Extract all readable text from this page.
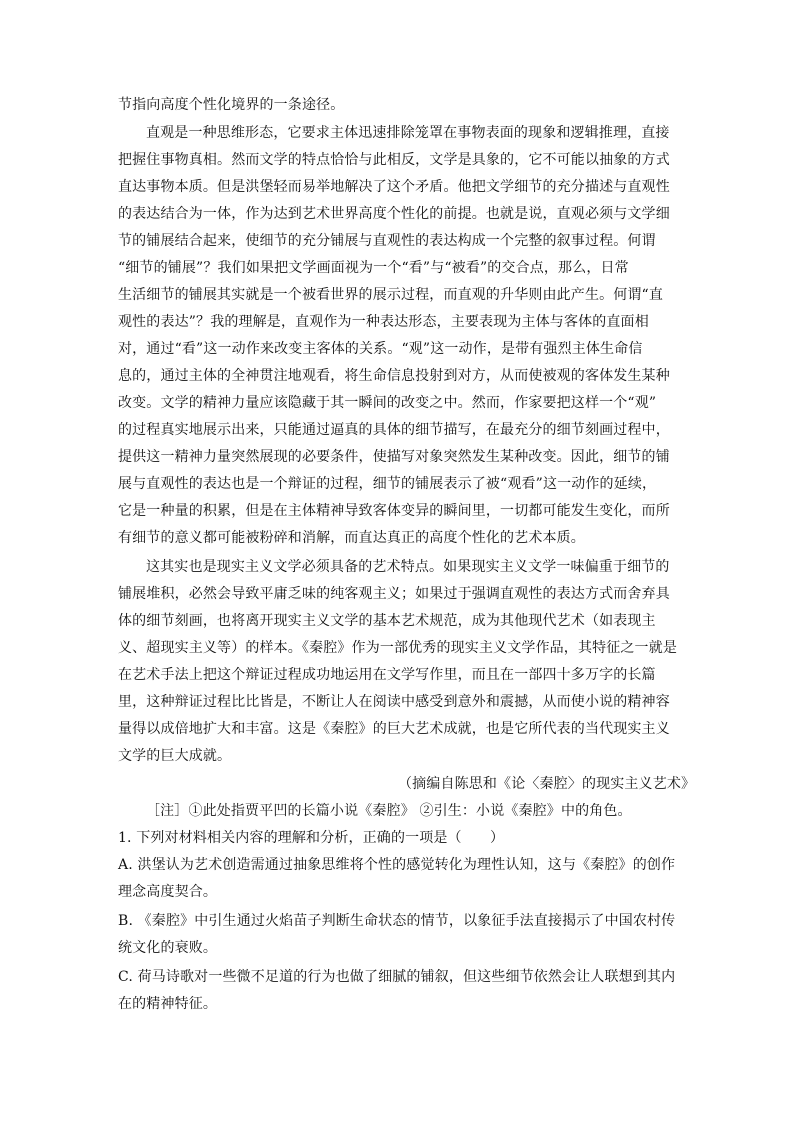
节指向高度个性化境界的一条途径。
直观是一种思维形态，它要求主体迅速排除笼罩在事物表面的现象和逻辑推理，直接
把握住事物真相。然而文学的特点恰恰与此相反，文学是具象的，它不可能以抽象的方式
直达事物本质。但是洪堡轻而易举地解决了这个矛盾。他把文学细节的充分描述与直观性
的表达结合为一体，作为达到艺术世界高度个性化的前提。也就是说，直观必须与文学细
节的铺展结合起来，使细节的充分铺展与直观性的表达构成一个完整的叙事过程。何谓
“细节的铺展”？我们如果把文学画面视为一个“看”与“被看”的交合点，那么，日常
生活细节的铺展其实就是一个被看世界的展示过程，而直观的升华则由此产生。何谓“直
观性的表达”？我的理解是，直观作为一种表达形态，主要表现为主体与客体的直面相
对，通过“看”这一动作来改变主客体的关系。“观”这一动作，是带有强烈主体生命信
息的，通过主体的全神贯注地观看，将生命信息投射到对方，从而使被观的客体发生某种
改变。文学的精神力量应该隐藏于其一瞬间的改变之中。然而，作家要把这样一个“观”
的过程真实地展示出来，只能通过逼真的具体的细节描写，在最充分的细节刻画过程中，
提供这一精神力量突然展现的必要条件，使描写对象突然发生某种改变。因此，细节的铺
展与直观性的表达也是一个辩证的过程，细节的铺展表示了被“观看”这一动作的延续，
它是一种量的积累，但是在主体精神导致客体变异的瞬间里，一切都可能发生变化，而所
有细节的意义都可能被粉碎和消解，而直达真正的高度个性化的艺术本质。
这其实也是现实主义文学必须具备的艺术特点。如果现实主义文学一味偏重于细节的
铺展堆积，必然会导致平庸乏味的纯客观主义；如果过于强调直观性的表达方式而舍弃具
体的细节刻画，也将离开现实主义文学的基本艺术规范，成为其他现代艺术（如表现主
义、超现实主义等）的样本。《秦腔》作为一部优秀的现实主义文学作品，其特征之一就是
在艺术手法上把这个辩证过程成功地运用在文学写作里，而且在一部四十多万字的长篇
里，这种辩证过程比比皆是，不断让人在阅读中感受到意外和震撼，从而使小说的精神容
量得以成倍地扩大和丰富。这是《秦腔》的巨大艺术成就，也是它所代表的当代现实主义
文学的巨大成就。
（摘编自陈思和《论〈秦腔〉的现实主义艺术》
［注］①此处指贾平凹的长篇小说《秦腔》 ②引生：小说《秦腔》中的角色。
1. 下列对材料相关内容的理解和分析，正确的一项是（　　）
A. 洪堡认为艺术创造需通过抽象思维将个性的感觉转化为理性认知，这与《秦腔》的创作
理念高度契合。
B. 《秦腔》中引生通过火焰苗子判断生命状态的情节，以象征手法直接揭示了中国农村传
统文化的衰败。
C. 荷马诗歌对一些微不足道的行为也做了细腻的铺叙，但这些细节依然会让人联想到其内
在的精神特征。
